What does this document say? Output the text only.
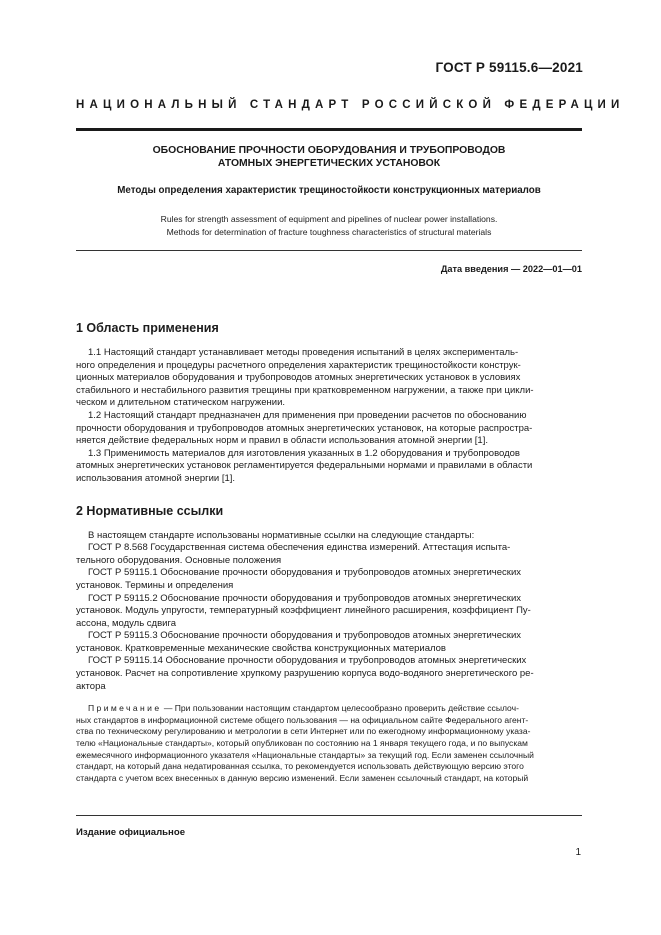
ГОСТ Р 59115.6—2021
НАЦИОНАЛЬНЫЙ СТАНДАРТ РОССИЙСКОЙ ФЕДЕРАЦИИ

ОБОСНОВАНИЕ ПРОЧНОСТИ ОБОРУДОВАНИЯ И ТРУБОПРОВОДОВ
АТОМНЫХ ЭНЕРГЕТИЧЕСКИХ УСТАНОВОК

Методы определения характеристик трещиностойкости конструкционных материалов

Rules for strength assessment of equipment and pipelines of nuclear power installations.
Methods for determination of fracture toughness characteristics of structural materials

Дата введения — 2022—01—01
1 Область применения
1.1 Настоящий стандарт устанавливает методы проведения испытаний в целях эксперименталь-
ного определения и процедуры расчетного определения характеристик трещиностойкости конструк-
ционных материалов оборудования и трубопроводов атомных энергетических установок в условиях
стабильного и нестабильного развития трещины при кратковременном нагружении, а также при цикли-
ческом и длительном статическом нагружении.
1.2 Настоящий стандарт предназначен для применения при проведении расчетов по обоснованию
прочности оборудования и трубопроводов атомных энергетических установок, на которые распростра-
няется действие федеральных норм и правил в области использования атомной энергии [1].
1.3 Применимость материалов для изготовления указанных в 1.2 оборудования и трубопроводов
атомных энергетических установок регламентируется федеральными нормами и правилами в области
использования атомной энергии [1].
2 Нормативные ссылки
В настоящем стандарте использованы нормативные ссылки на следующие стандарты:
ГОСТ Р 8.568 Государственная система обеспечения единства измерений. Аттестация испыта-
тельного оборудования. Основные положения
ГОСТ Р 59115.1 Обоснование прочности оборудования и трубопроводов атомных энергетических
установок. Термины и определения
ГОСТ Р 59115.2 Обоснование прочности оборудования и трубопроводов атомных энергетических
установок. Модуль упругости, температурный коэффициент линейного расширения, коэффициент Пу-
ассона, модуль сдвига
ГОСТ Р 59115.3 Обоснование прочности оборудования и трубопроводов атомных энергетических
установок. Кратковременные механические свойства конструкционных материалов
ГОСТ Р 59115.14 Обоснование прочности оборудования и трубопроводов атомных энергетических
установок. Расчет на сопротивление хрупкому разрушению корпуса водо-водяного энергетического ре-
актора
Примечание — При пользовании настоящим стандартом целесообразно проверить действие ссылоч-
ных стандартов в информационной системе общего пользования — на официальном сайте Федерального агент-
ства по техническому регулированию и метрологии в сети Интернет или по ежегодному информационному указа-
телю «Национальные стандарты», который опубликован по состоянию на 1 января текущего года, и по выпускам
ежемесячного информационного указателя «Национальные стандарты» за текущий год. Если заменен ссылочный
стандарт, на который дана недатированная ссылка, то рекомендуется использовать действующую версию этого
стандарта с учетом всех внесенных в данную версию изменений. Если заменен ссылочный стандарт, на который
Издание официальное
1
